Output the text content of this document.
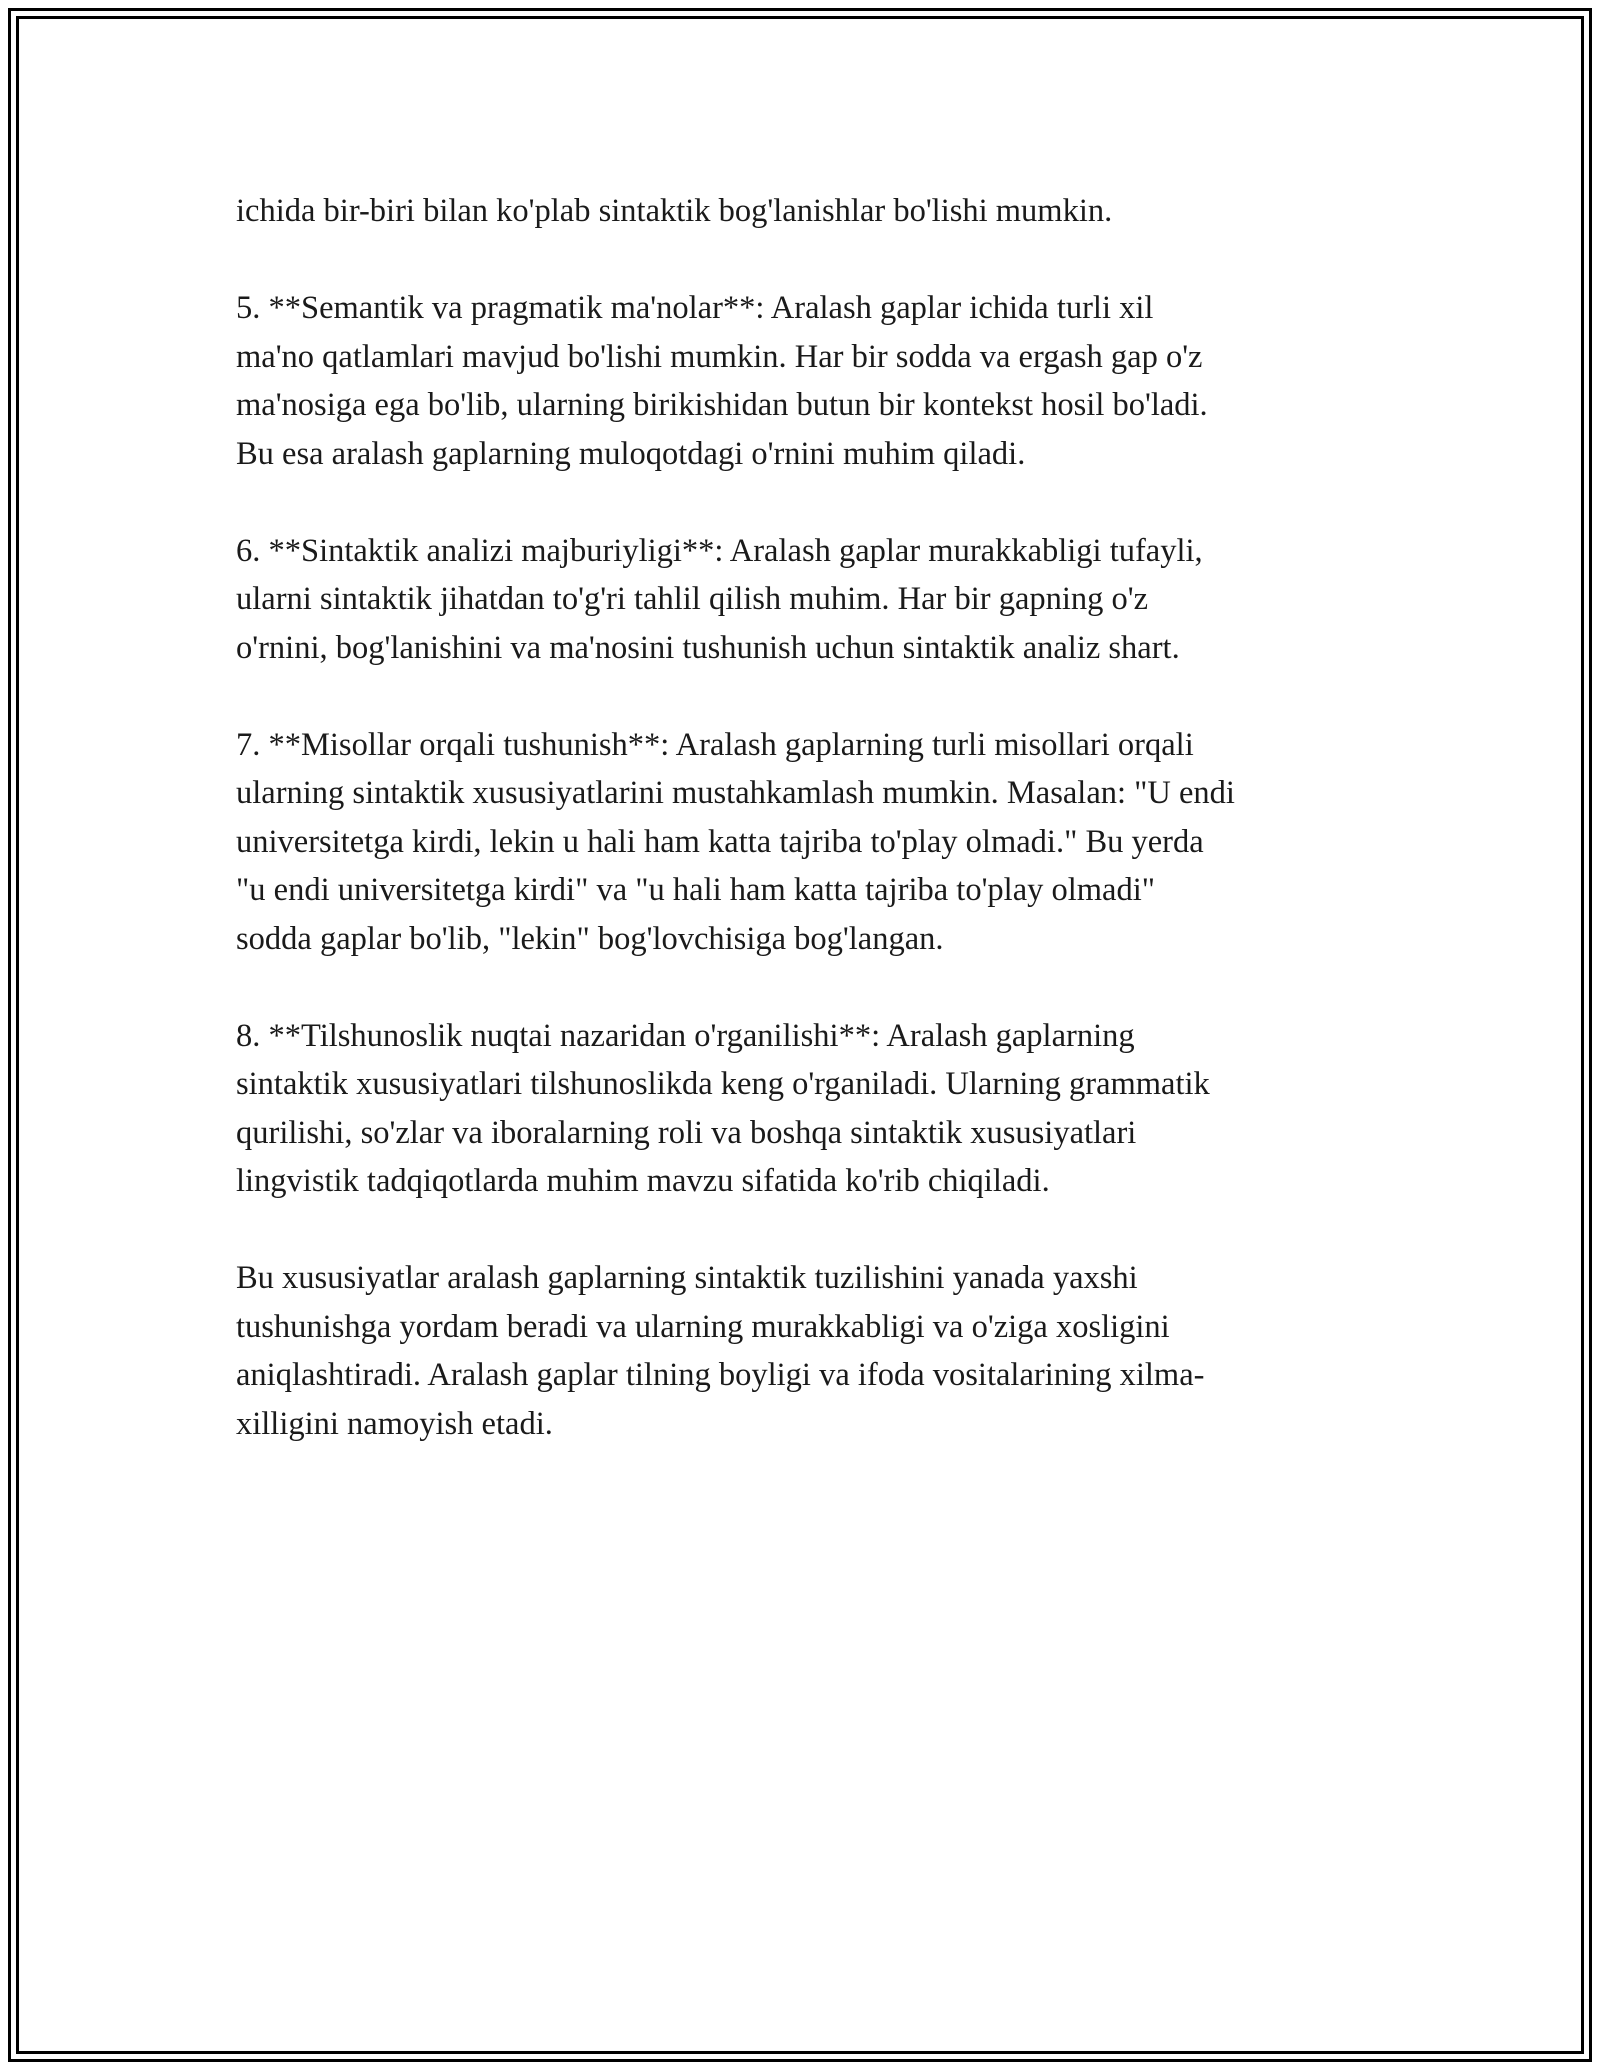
ichida bir-biri bilan ko'plab sintaktik bog'lanishlar bo'lishi mumkin.

5. **Semantik va pragmatik ma'nolar**: Aralash gaplar ichida turli xil
ma'no qatlamlari mavjud bo'lishi mumkin. Har bir sodda va ergash gap o'z
ma'nosiga ega bo'lib, ularning birikishidan butun bir kontekst hosil bo'ladi.
Bu esa aralash gaplarning muloqotdagi o'rnini muhim qiladi.

6. **Sintaktik analizi majburiyligi**: Aralash gaplar murakkabligi tufayli,
ularni sintaktik jihatdan to'g'ri tahlil qilish muhim. Har bir gapning o'z
o'rnini, bog'lanishini va ma'nosini tushunish uchun sintaktik analiz shart.

7. **Misollar orqali tushunish**: Aralash gaplarning turli misollari orqali
ularning sintaktik xususiyatlarini mustahkamlash mumkin. Masalan: "U endi
universitetga kirdi, lekin u hali ham katta tajriba to'play olmadi." Bu yerda
"u endi universitetga kirdi" va "u hali ham katta tajriba to'play olmadi"
sodda gaplar bo'lib, "lekin" bog'lovchisiga bog'langan.

8. **Tilshunoslik nuqtai nazaridan o'rganilishi**: Aralash gaplarning
sintaktik xususiyatlari tilshunoslikda keng o'rganiladi. Ularning grammatik
qurilishi, so'zlar va iboralarning roli va boshqa sintaktik xususiyatlari
lingvistik tadqiqotlarda muhim mavzu sifatida ko'rib chiqiladi.

Bu xususiyatlar aralash gaplarning sintaktik tuzilishini yanada yaxshi
tushunishga yordam beradi va ularning murakkabligi va o'ziga xosligini
aniqlashtiradi. Aralash gaplar tilning boyligi va ifoda vositalarining xilma-
xilligini namoyish etadi.
